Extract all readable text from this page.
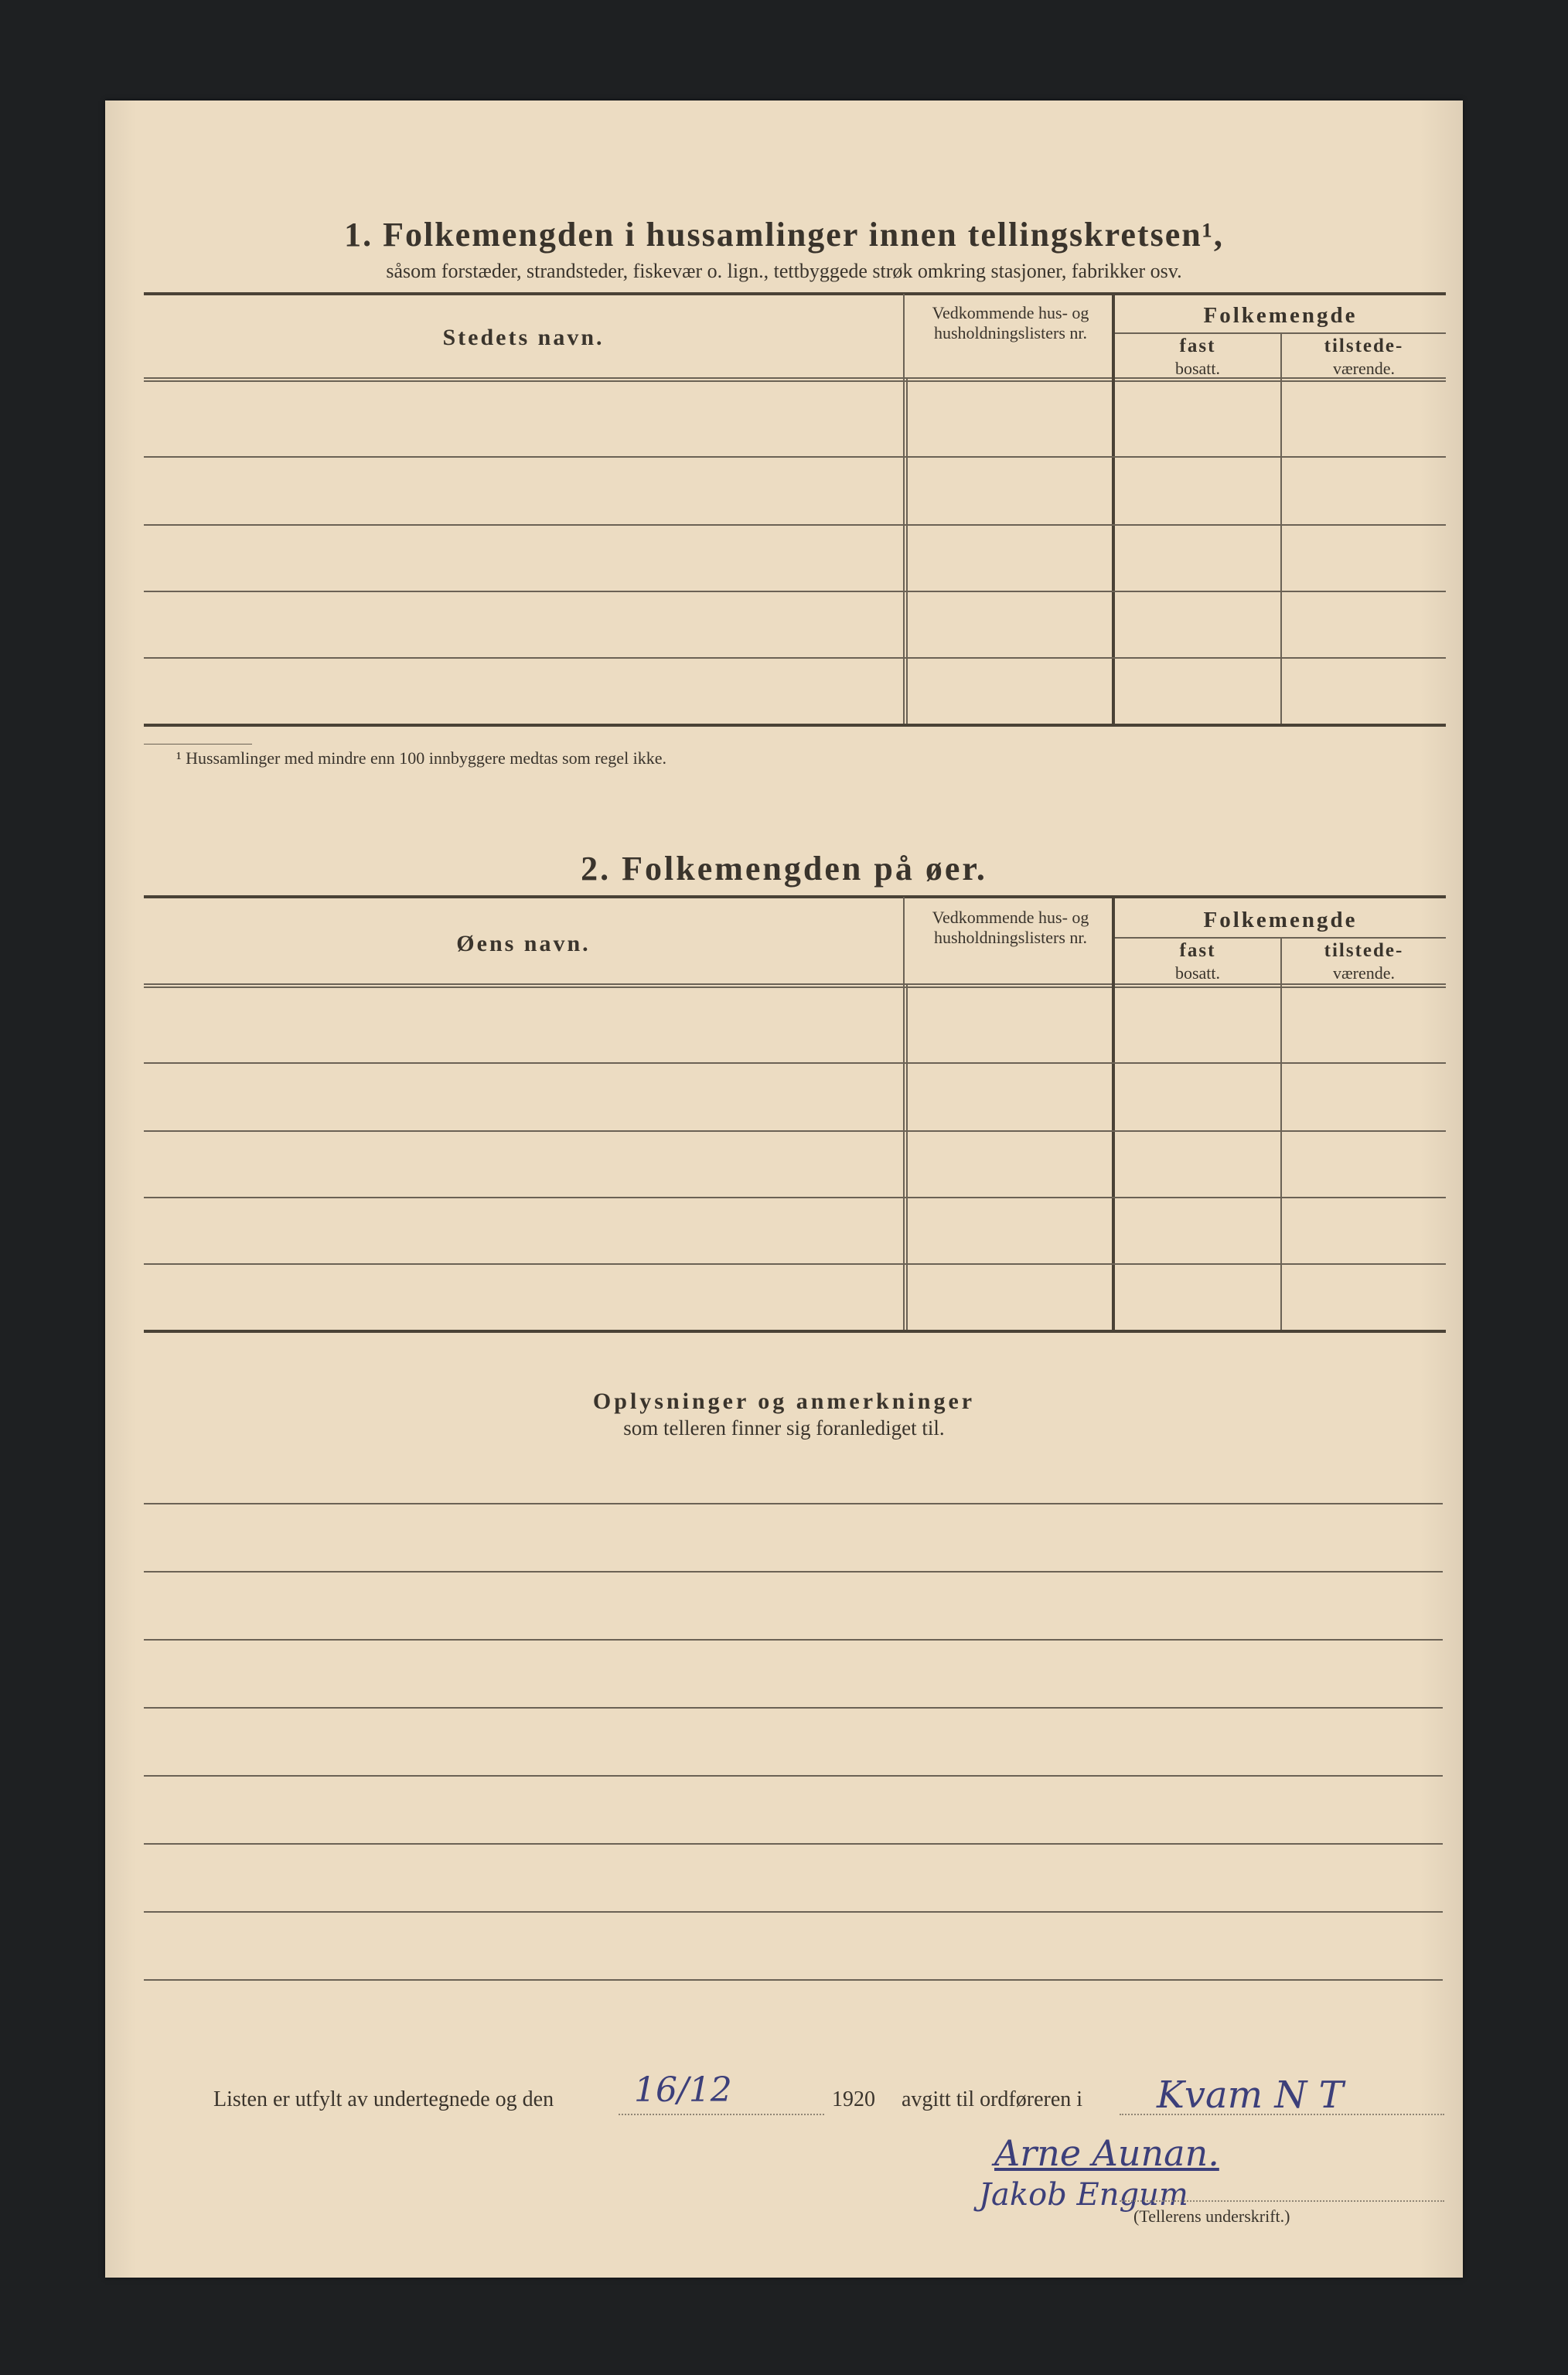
1. Folkemengden i hussamlinger innen tellingskretsen¹,
såsom forstæder, strandsteder, fiskevær o. lign., tettbyggede strøk omkring stasjoner, fabrikker osv.
Stedets navn.
Vedkommende hus- og husholdningslisters nr.
Folkemengde
fast
bosatt.
tilstede-
værende.
¹ Hussamlinger med mindre enn 100 innbyggere medtas som regel ikke.
2. Folkemengden på øer.
Øens navn.
Vedkommende hus- og husholdningslisters nr.
Folkemengde
fast
bosatt.
tilstede-
værende.
Oplysninger og anmerkninger
som telleren finner sig foranlediget til.
Listen er utfylt av undertegnede og den 16/12	1920 avgitt til ordføreren i Kvam N T
Arne Aunan.
Jakob Engum
(Tellerens underskrift.)
